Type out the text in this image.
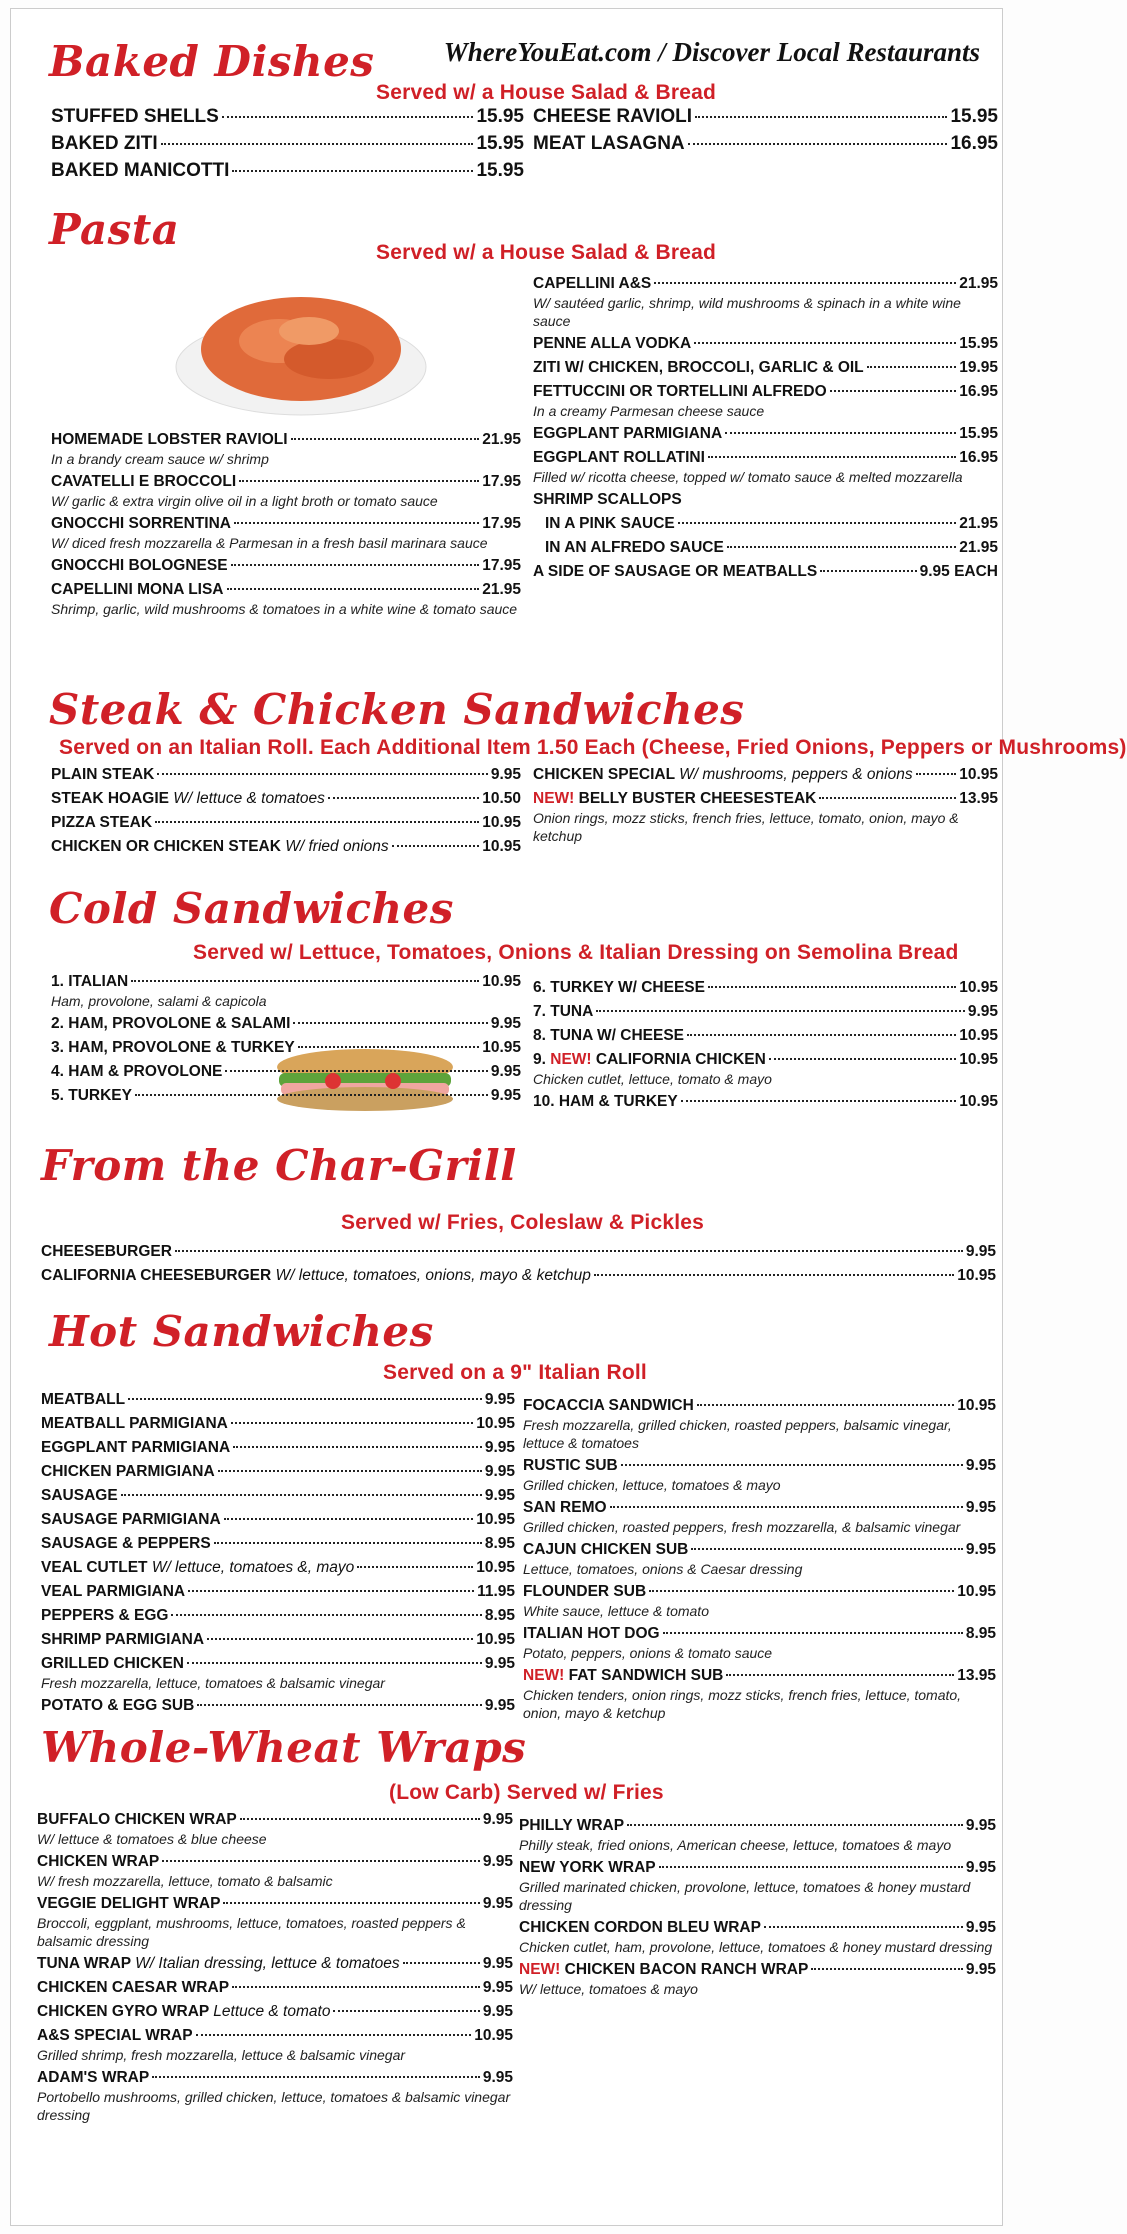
WhereYouEat.com / Discover Local Restaurants
Baked Dishes
Served w/ a House Salad & Bread
STUFFED SHELLS	15.95
BAKED ZITI	15.95
BAKED MANICOTTI	15.95
CHEESE RAVIOLI	15.95
MEAT LASAGNA	16.95
Pasta	Served w/ a House Salad & Bread
HOMEMADE LOBSTER RAVIOLI	21.95
In a brandy cream sauce w/ shrimp
CAVATELLI E BROCCOLI	17.95
W/ garlic & extra virgin olive oil in a light broth or tomato sauce
GNOCCHI SORRENTINA	17.95
W/ diced fresh mozzarella & Parmesan in a fresh basil marinara sauce
GNOCCHI BOLOGNESE	17.95
CAPELLINI MONA LISA	21.95
Shrimp, garlic, wild mushrooms & tomatoes in a white wine & tomato sauce
CAPELLINI A&S	21.95
W/ sautéed garlic, shrimp, wild mushrooms & spinach in a white wine sauce
PENNE ALLA VODKA	15.95
ZITI W/ CHICKEN, BROCCOLI, GARLIC & OIL	19.95
FETTUCCINI OR TORTELLINI ALFREDO	16.95
In a creamy Parmesan cheese sauce
EGGPLANT PARMIGIANA	15.95
EGGPLANT ROLLATINI	16.95
Filled w/ ricotta cheese, topped w/ tomato sauce & melted mozzarella
SHRIMP SCALLOPS
IN A PINK SAUCE	21.95
IN AN ALFREDO SAUCE	21.95
A SIDE OF SAUSAGE OR MEATBALLS	9.95 EACH
Steak & Chicken Sandwiches
Served on an Italian Roll. Each Additional Item 1.50 Each (Cheese, Fried Onions, Peppers or Mushrooms)
PLAIN STEAK	9.95
STEAK HOAGIE W/ lettuce & tomatoes	10.50
PIZZA STEAK	10.95
CHICKEN OR CHICKEN STEAK W/ fried onions	10.95
CHICKEN SPECIAL W/ mushrooms, peppers & onions	10.95
NEW! BELLY BUSTER CHEESESTEAK	13.95
Onion rings, mozz sticks, french fries, lettuce, tomato, onion, mayo & ketchup
Cold Sandwiches
Served w/ Lettuce, Tomatoes, Onions & Italian Dressing on Semolina Bread
1. ITALIAN	10.95
Ham, provolone, salami & capicola
2. HAM, PROVOLONE & SALAMI	9.95
3. HAM, PROVOLONE & TURKEY	10.95
4. HAM & PROVOLONE	9.95
5. TURKEY	9.95
6. TURKEY W/ CHEESE	10.95
7. TUNA	9.95
8. TUNA W/ CHEESE	10.95
9. NEW! CALIFORNIA CHICKEN	10.95
Chicken cutlet, lettuce, tomato & mayo
10. HAM & TURKEY	10.95
From the Char-Grill
Served w/ Fries, Coleslaw & Pickles
CHEESEBURGER	9.95
CALIFORNIA CHEESEBURGER W/ lettuce, tomatoes, onions, mayo & ketchup	10.95
Hot Sandwiches
Served on a 9" Italian Roll
MEATBALL	9.95
MEATBALL PARMIGIANA	10.95
EGGPLANT PARMIGIANA	9.95
CHICKEN PARMIGIANA	9.95
SAUSAGE	9.95
SAUSAGE PARMIGIANA	10.95
SAUSAGE & PEPPERS	8.95
VEAL CUTLET W/ lettuce, tomatoes &, mayo	10.95
VEAL PARMIGIANA	11.95
PEPPERS & EGG	8.95
SHRIMP PARMIGIANA	10.95
GRILLED CHICKEN	9.95
Fresh mozzarella, lettuce, tomatoes & balsamic vinegar
POTATO & EGG SUB	9.95
FOCACCIA SANDWICH	10.95
Fresh mozzarella, grilled chicken, roasted peppers, balsamic vinegar, lettuce & tomatoes
RUSTIC SUB	9.95
Grilled chicken, lettuce, tomatoes & mayo
SAN REMO	9.95
Grilled chicken, roasted peppers, fresh mozzarella, & balsamic vinegar
CAJUN CHICKEN SUB	9.95
Lettuce, tomatoes, onions & Caesar dressing
FLOUNDER SUB	10.95
White sauce, lettuce & tomato
ITALIAN HOT DOG	8.95
Potato, peppers, onions & tomato sauce
NEW! FAT SANDWICH SUB	13.95
Chicken tenders, onion rings, mozz sticks, french fries, lettuce, tomato, onion, mayo & ketchup
Whole-Wheat Wraps
(Low Carb) Served w/ Fries
BUFFALO CHICKEN WRAP	9.95
W/ lettuce & tomatoes & blue cheese
CHICKEN WRAP	9.95
W/ fresh mozzarella, lettuce, tomato & balsamic
VEGGIE DELIGHT WRAP	9.95
Broccoli, eggplant, mushrooms, lettuce, tomatoes, roasted peppers & balsamic dressing
TUNA WRAP W/ Italian dressing, lettuce & tomatoes	9.95
CHICKEN CAESAR WRAP	9.95
CHICKEN GYRO WRAP Lettuce & tomato	9.95
A&S SPECIAL WRAP	10.95
Grilled shrimp, fresh mozzarella, lettuce & balsamic vinegar
ADAM'S WRAP	9.95
Portobello mushrooms, grilled chicken, lettuce, tomatoes & balsamic vinegar dressing
PHILLY WRAP	9.95
Philly steak, fried onions, American cheese, lettuce, tomatoes & mayo
NEW YORK WRAP	9.95
Grilled marinated chicken, provolone, lettuce, tomatoes & honey mustard dressing
CHICKEN CORDON BLEU WRAP	9.95
Chicken cutlet, ham, provolone, lettuce, tomatoes & honey mustard dressing
NEW! CHICKEN BACON RANCH WRAP	9.95
W/ lettuce, tomatoes & mayo
